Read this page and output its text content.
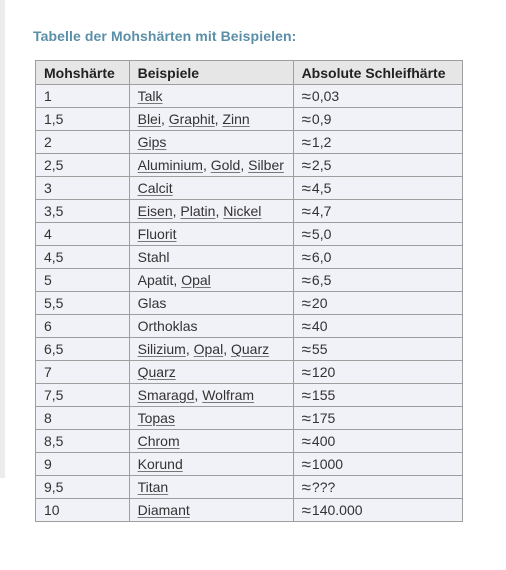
Tabelle der Mohshärten mit Beispielen:
Mohshärte	Beispiele	Absolute Schleifhärte
1	Talk	≈0,03
1,5	Blei, Graphit, Zinn	≈0,9
2	Gips	≈1,2
2,5	Aluminium, Gold, Silber	≈2,5
3	Calcit	≈4,5
3,5	Eisen, Platin, Nickel	≈4,7
4	Fluorit	≈5,0
4,5	Stahl	≈6,0
5	Apatit, Opal	≈6,5
5,5	Glas	≈20
6	Orthoklas	≈40
6,5	Silizium, Opal, Quarz	≈55
7	Quarz	≈120
7,5	Smaragd, Wolfram	≈155
8	Topas	≈175
8,5	Chrom	≈400
9	Korund	≈1000
9,5	Titan	≈???
10	Diamant	≈140.000
